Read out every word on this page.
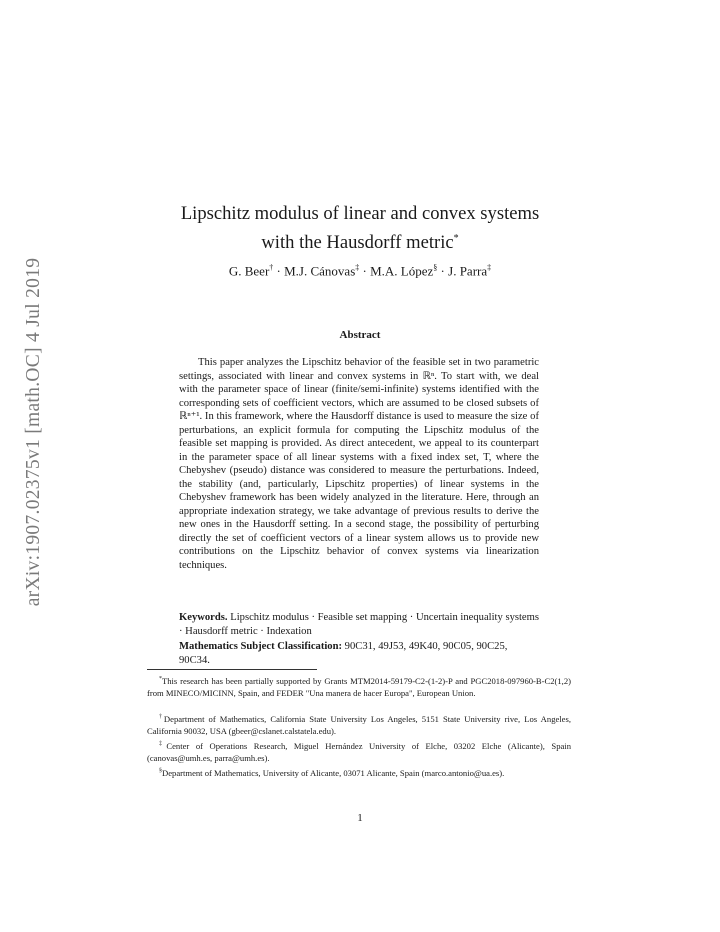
arXiv:1907.02375v1 [math.OC] 4 Jul 2019
Lipschitz modulus of linear and convex systems
with the Hausdorff metric*
G. Beer† · M.J. Cánovas‡ · M.A. López§ · J. Parra‡
Abstract

This paper analyzes the Lipschitz behavior of the feasible set in two parametric settings, associated with linear and convex systems in ℝⁿ. To start with, we deal with the parameter space of linear (finite/semi-infinite) systems identified with the corresponding sets of coefficient vectors, which are assumed to be closed subsets of ℝⁿ⁺¹. In this framework, where the Hausdorff distance is used to measure the size of perturbations, an explicit formula for computing the Lipschitz modulus of the feasible set mapping is provided. As direct antecedent, we appeal to its counterpart in the parameter space of all linear systems with a fixed index set, T, where the Chebyshev (pseudo) distance was considered to measure the perturbations. Indeed, the stability (and, particularly, Lipschitz properties) of linear systems in the Chebyshev framework has been widely analyzed in the literature. Here, through an appropriate indexation strategy, we take advantage of previous results to derive the new ones in the Hausdorff setting. In a second stage, the possibility of perturbing directly the set of coefficient vectors of a linear system allows us to provide new contributions on the Lipschitz behavior of convex systems via linearization techniques.

Keywords. Lipschitz modulus · Feasible set mapping · Uncertain inequality systems · Hausdorff metric · Indexation

Mathematics Subject Classification: 90C31, 49J53, 49K40, 90C05, 90C25, 90C34.

*This research has been partially supported by Grants MTM2014-59179-C2-(1-2)-P and PGC2018-097960-B-C2(1,2) from MINECO/MICINN, Spain, and FEDER "Una manera de hacer Europa", European Union.

†Department of Mathematics, California State University Los Angeles, 5151 State University rive, Los Angeles, California 90032, USA (gbeer@cslanet.calstatela.edu).

‡Center of Operations Research, Miguel Hernández University of Elche, 03202 Elche (Alicante), Spain (canovas@umh.es, parra@umh.es).

§Department of Mathematics, University of Alicante, 03071 Alicante, Spain (marco.antonio@ua.es).

1
